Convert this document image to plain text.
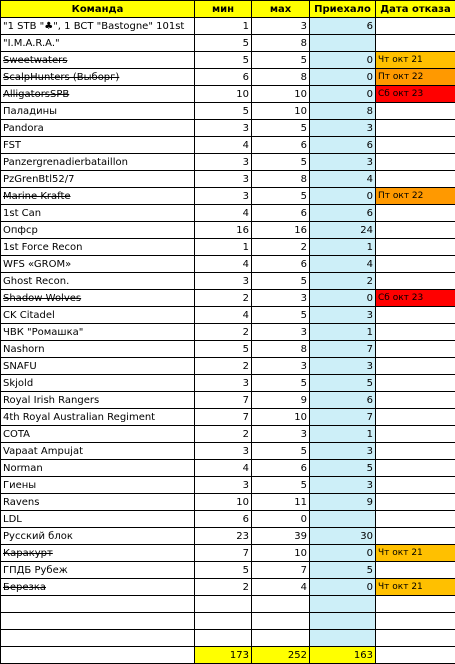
Команда	мин	мах	Приехало	Дата отказа
"1 STB "♣", 1 BCT "Bastogne" 101st	1	3	6	
"I.M.A.R.A."	5	8		
Sweetwaters	5	5	0	Чт окт 21
ScalpHunters (Выборг)	6	8	0	Пт окт 22
AlligatorsSPB	10	10	0	Сб окт 23
Паладины	5	10	8	
Pandora	3	5	3	
FST	4	6	6	
Panzergrenadierbataillon	3	5	3	
PzGrenBtl52/7	3	8	4	
Marine Krafte	3	5	0	Пт окт 22
1st Can	4	6	6	
Опфср	16	16	24	
1st Force Recon	1	2	1	
WFS «GROM»	4	6	4	
Ghost Recon.	3	5	2	
Shadow Wolves	2	3	0	Сб окт 23
CK Citadel	4	5	3	
ЧВК "Ромашка"	2	3	1	
Nashorn	5	8	7	
SNAFU	2	3	3	
Skjold	3	5	5	
Royal Irish Rangers	7	9	6	
4th Royal Australian Regiment	7	10	7	
COTA	2	3	1	
Vapaat Ampujat	3	5	3	
Norman	4	6	5	
Гиены	3	5	3	
Ravens	10	11	9	
LDL	6	0		
Русский блок	23	39	30	
Каракурт	7	10	0	Чт окт 21
ГПДБ Рубеж	5	7	5	
Березка	2	4	0	Чт окт 21

	173	252	163	
